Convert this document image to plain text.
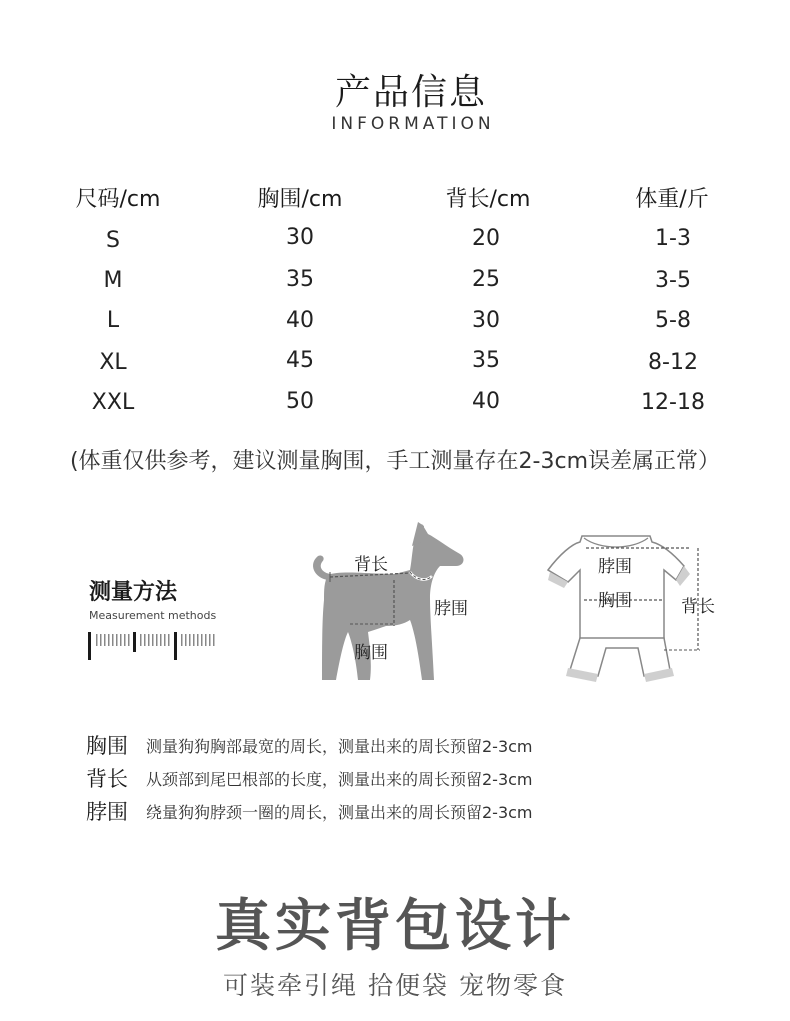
产品信息
INFORMATION
尺码/cm	胸围/cm	背长/cm	体重/斤
S	30	20	1-3
M	35	25	3-5
L	40	30	5-8
XL	45	35	8-12
XXL	50	40	12-18
(体重仅供参考，建议测量胸围，手工测量存在2-3cm误差属正常）
测量方法
Measurement methods
背长
脖围
胸围
脖围
胸围	背长
胸围 测量狗狗胸部最宽的周长，测量出来的周长预留2-3cm
背长 从颈部到尾巴根部的长度，测量出来的周长预留2-3cm
脖围 绕量狗狗脖颈一圈的周长，测量出来的周长预留2-3cm
真实背包设计
可装牵引绳 拾便袋 宠物零食
